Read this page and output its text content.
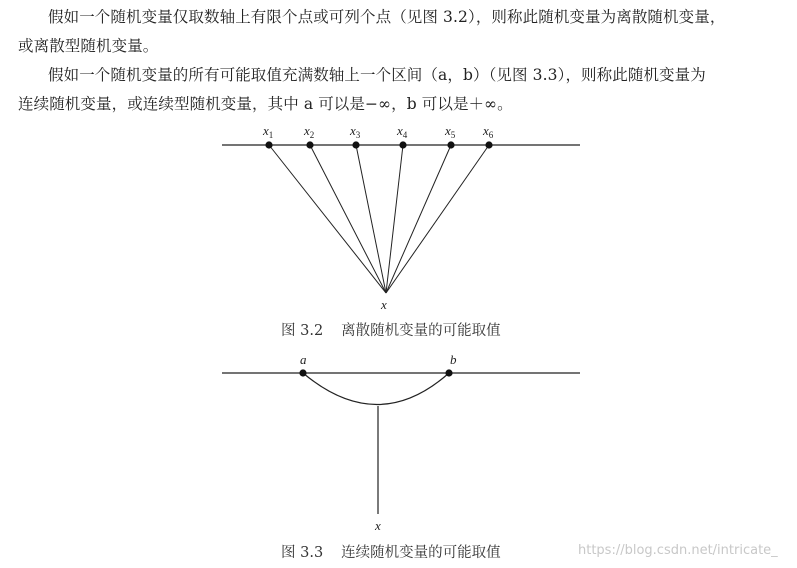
假如一个随机变量仅取数轴上有限个点或可列个点（见图 3.2），则称此随机变量为离散随机变量，
或离散型随机变量。
假如一个随机变量的所有可能取值充满数轴上一个区间（a，b）（见图 3.3），则称此随机变量为
连续随机变量，或连续型随机变量，其中 a 可以是−∞，b 可以是＋∞。
$x_1$ $x_2$	$x_3$	$x_4$	$x_5$ $x_6$
x
a	b
x
图 3.2 离散随机变量的可能取值
图 3.3 连续随机变量的可能取值	https://blog.csdn.net/intricate_
